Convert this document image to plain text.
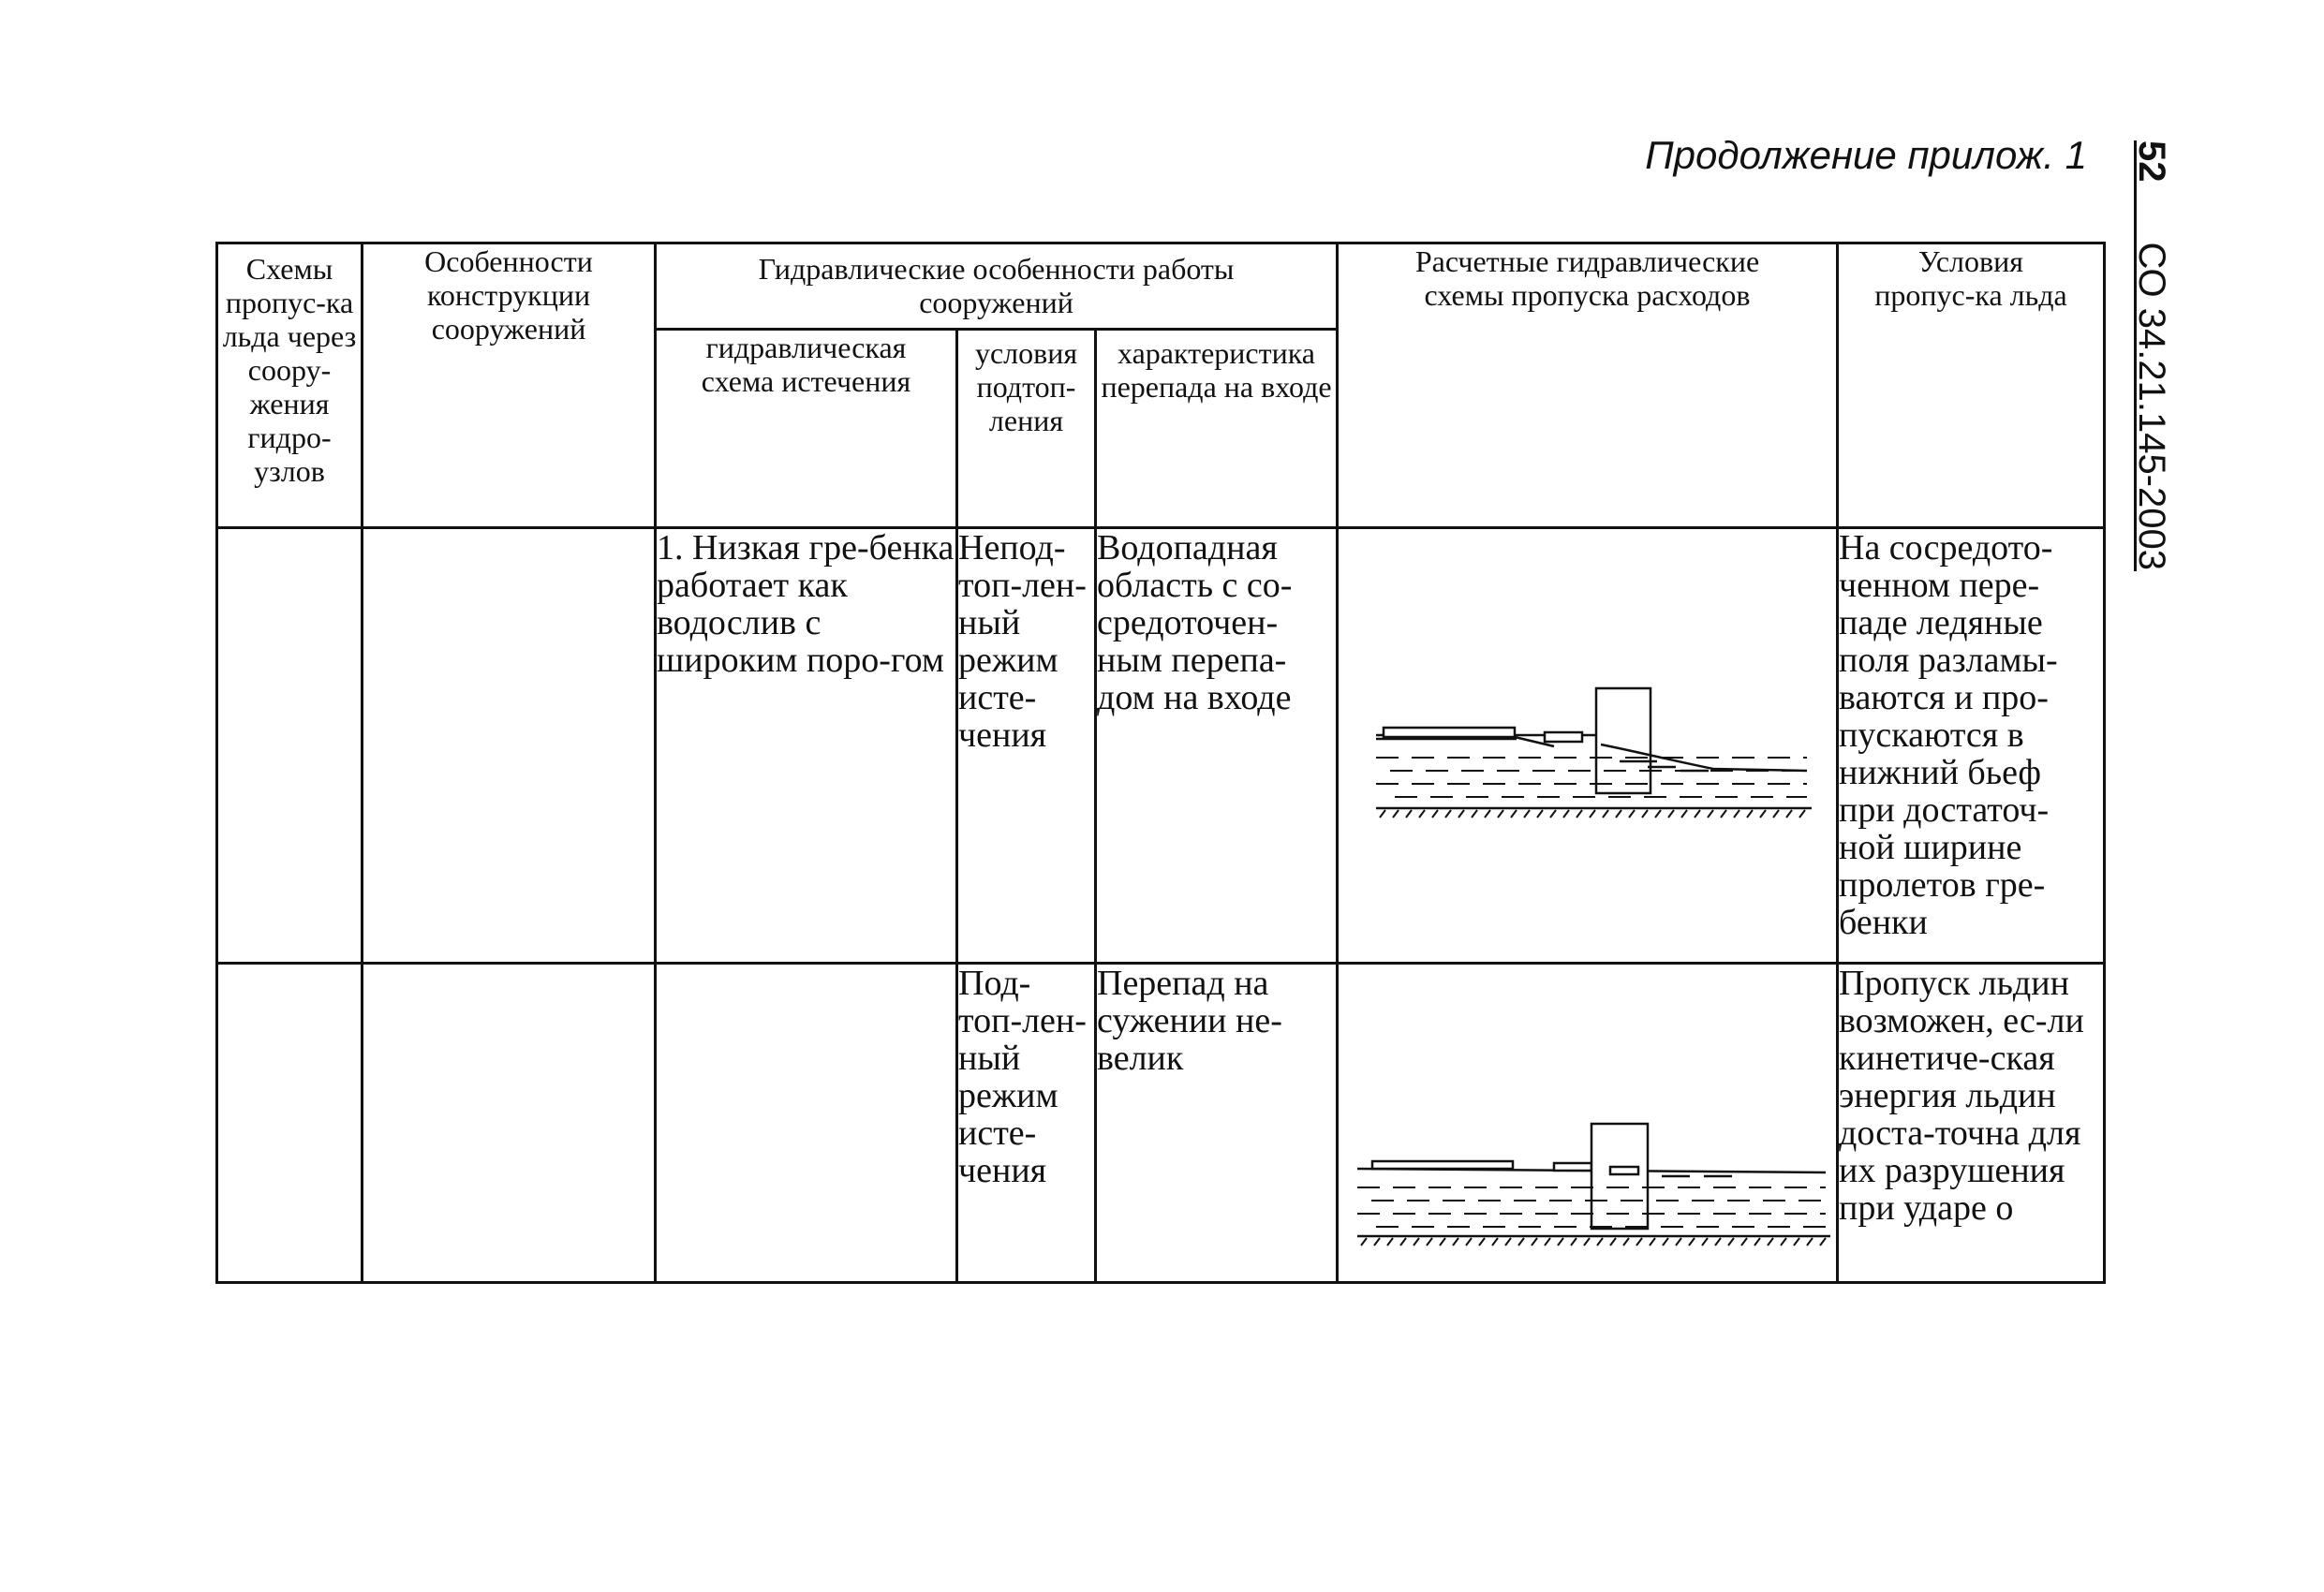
Продолжение прилож. 1 52СО 34.21.145-2003
Схемы пропус-ка льда через соору-жения гидро-узлов	Особенности конструкции сооружений	Гидравлические особенности работы сооружений			Расчетные гидравлические схемы пропуска расходов	Условия пропус-ка льда

		гидравлическая схема истечения	условия подтоп-ления	характеристика перепада на входе		

		1. Низкая гре-бенка работает как водослив с широким поро-гом	Непод-топ-лен-ный режим исте-чения	Водопадная область с со-средоточен-ным перепа-дом на входе		На сосредото-ченном пере-паде ледяные поля разламы-ваются и про-пускаются в нижний бьеф при достаточ-ной ширине пролетов гре-бенки
			Под-топ-лен-ный режим исте-чения	Перепад на сужении не-велик		Пропуск льдин возможен, ес-ли кинетиче-ская энергия льдин доста-точна для их разрушения при ударе о
